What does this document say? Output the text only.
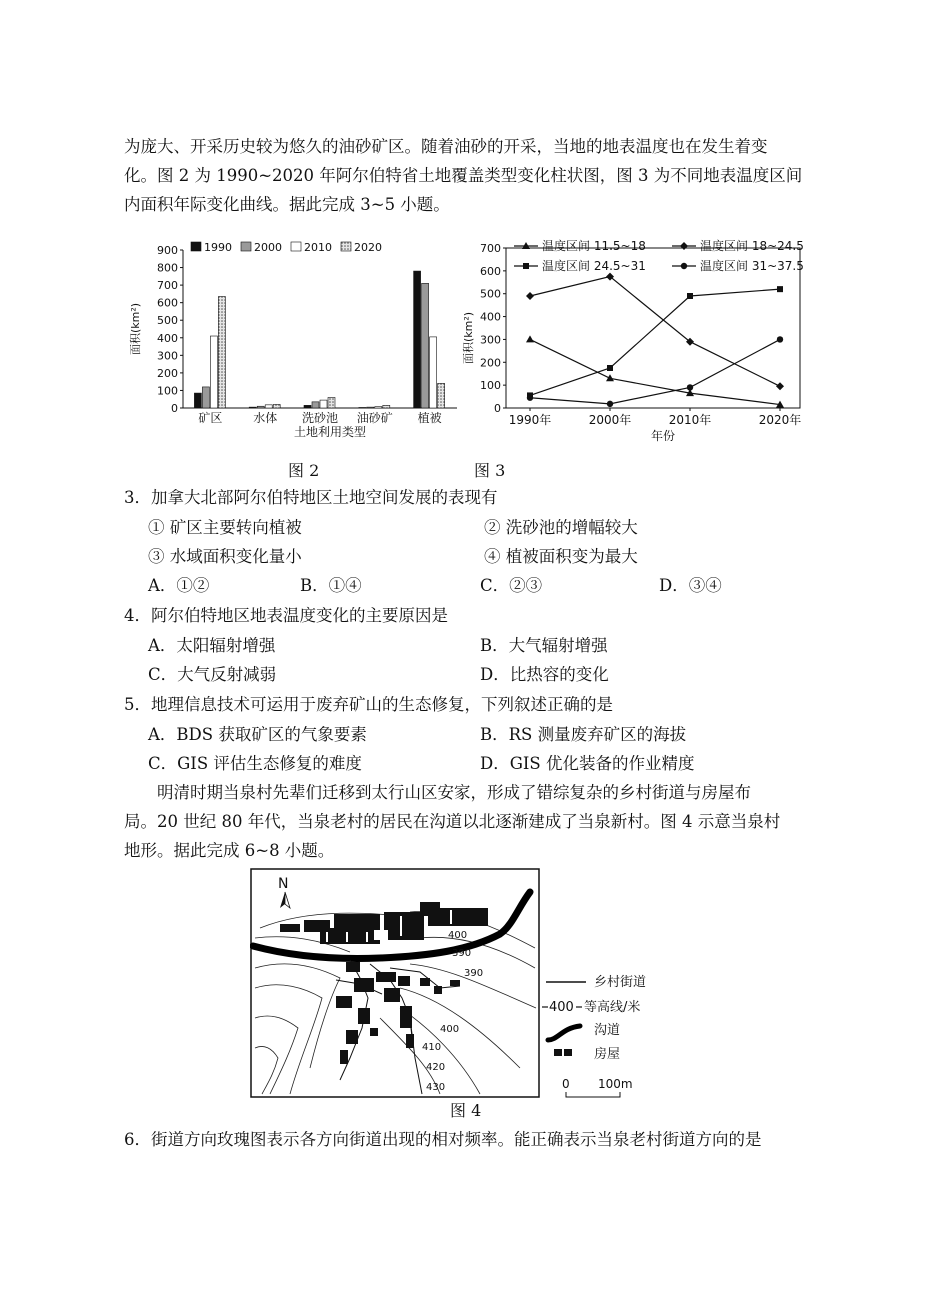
为庞大、开采历史较为悠久的油砂矿区。随着油砂的开采，当地的地表温度也在发生着变
化。图 2 为 1990~2020 年阿尔伯特省土地覆盖类型变化柱状图，图 3 为不同地表温度区间
内面积年际变化曲线。据此完成 3~5 小题。
0
100
200
300
400
500
600
700
800
900
面积(km²)
土地利用类型
矿区	水体 洗砂池 油砂矿 植被
1990 2000 2010 2020
0
100
200
300
400
500
600
700
面积(km²)
1990年	2000年	2010年	2020年
年份
温度区间 11.5~18	温度区间 18~24.5
温度区间 24.5~31	温度区间 31~37.5
图 2	图 3
3．加拿大北部阿尔伯特地区土地空间发展的表现有
① 矿区主要转向植被	② 洗砂池的增幅较大
③ 水域面积变化量小	④ 植被面积变为最大
A．①②	B．①④	C．②③	D．③④
4．阿尔伯特地区地表温度变化的主要原因是
A．太阳辐射增强	B．大气辐射增强
C．大气反射减弱	D．比热容的变化
5．地理信息技术可运用于废弃矿山的生态修复，下列叙述正确的是
A．BDS 获取矿区的气象要素	B．RS 测量废弃矿区的海拔
C．GIS 评估生态修复的难度	D．GIS 优化装备的作业精度
明清时期当泉村先辈们迁移到太行山区安家，形成了错综复杂的乡村街道与房屋布
局。20 世纪 80 年代，当泉老村的居民在沟道以北逐渐建成了当泉新村。图 4 示意当泉村
地形。据此完成 6~8 小题。
N
400
390
390
400
410
420
430
乡村街道
400 等高线/米
沟道
房屋
0 100m
图 4
6．街道方向玫瑰图表示各方向街道出现的相对频率。能正确表示当泉老村街道方向的是
